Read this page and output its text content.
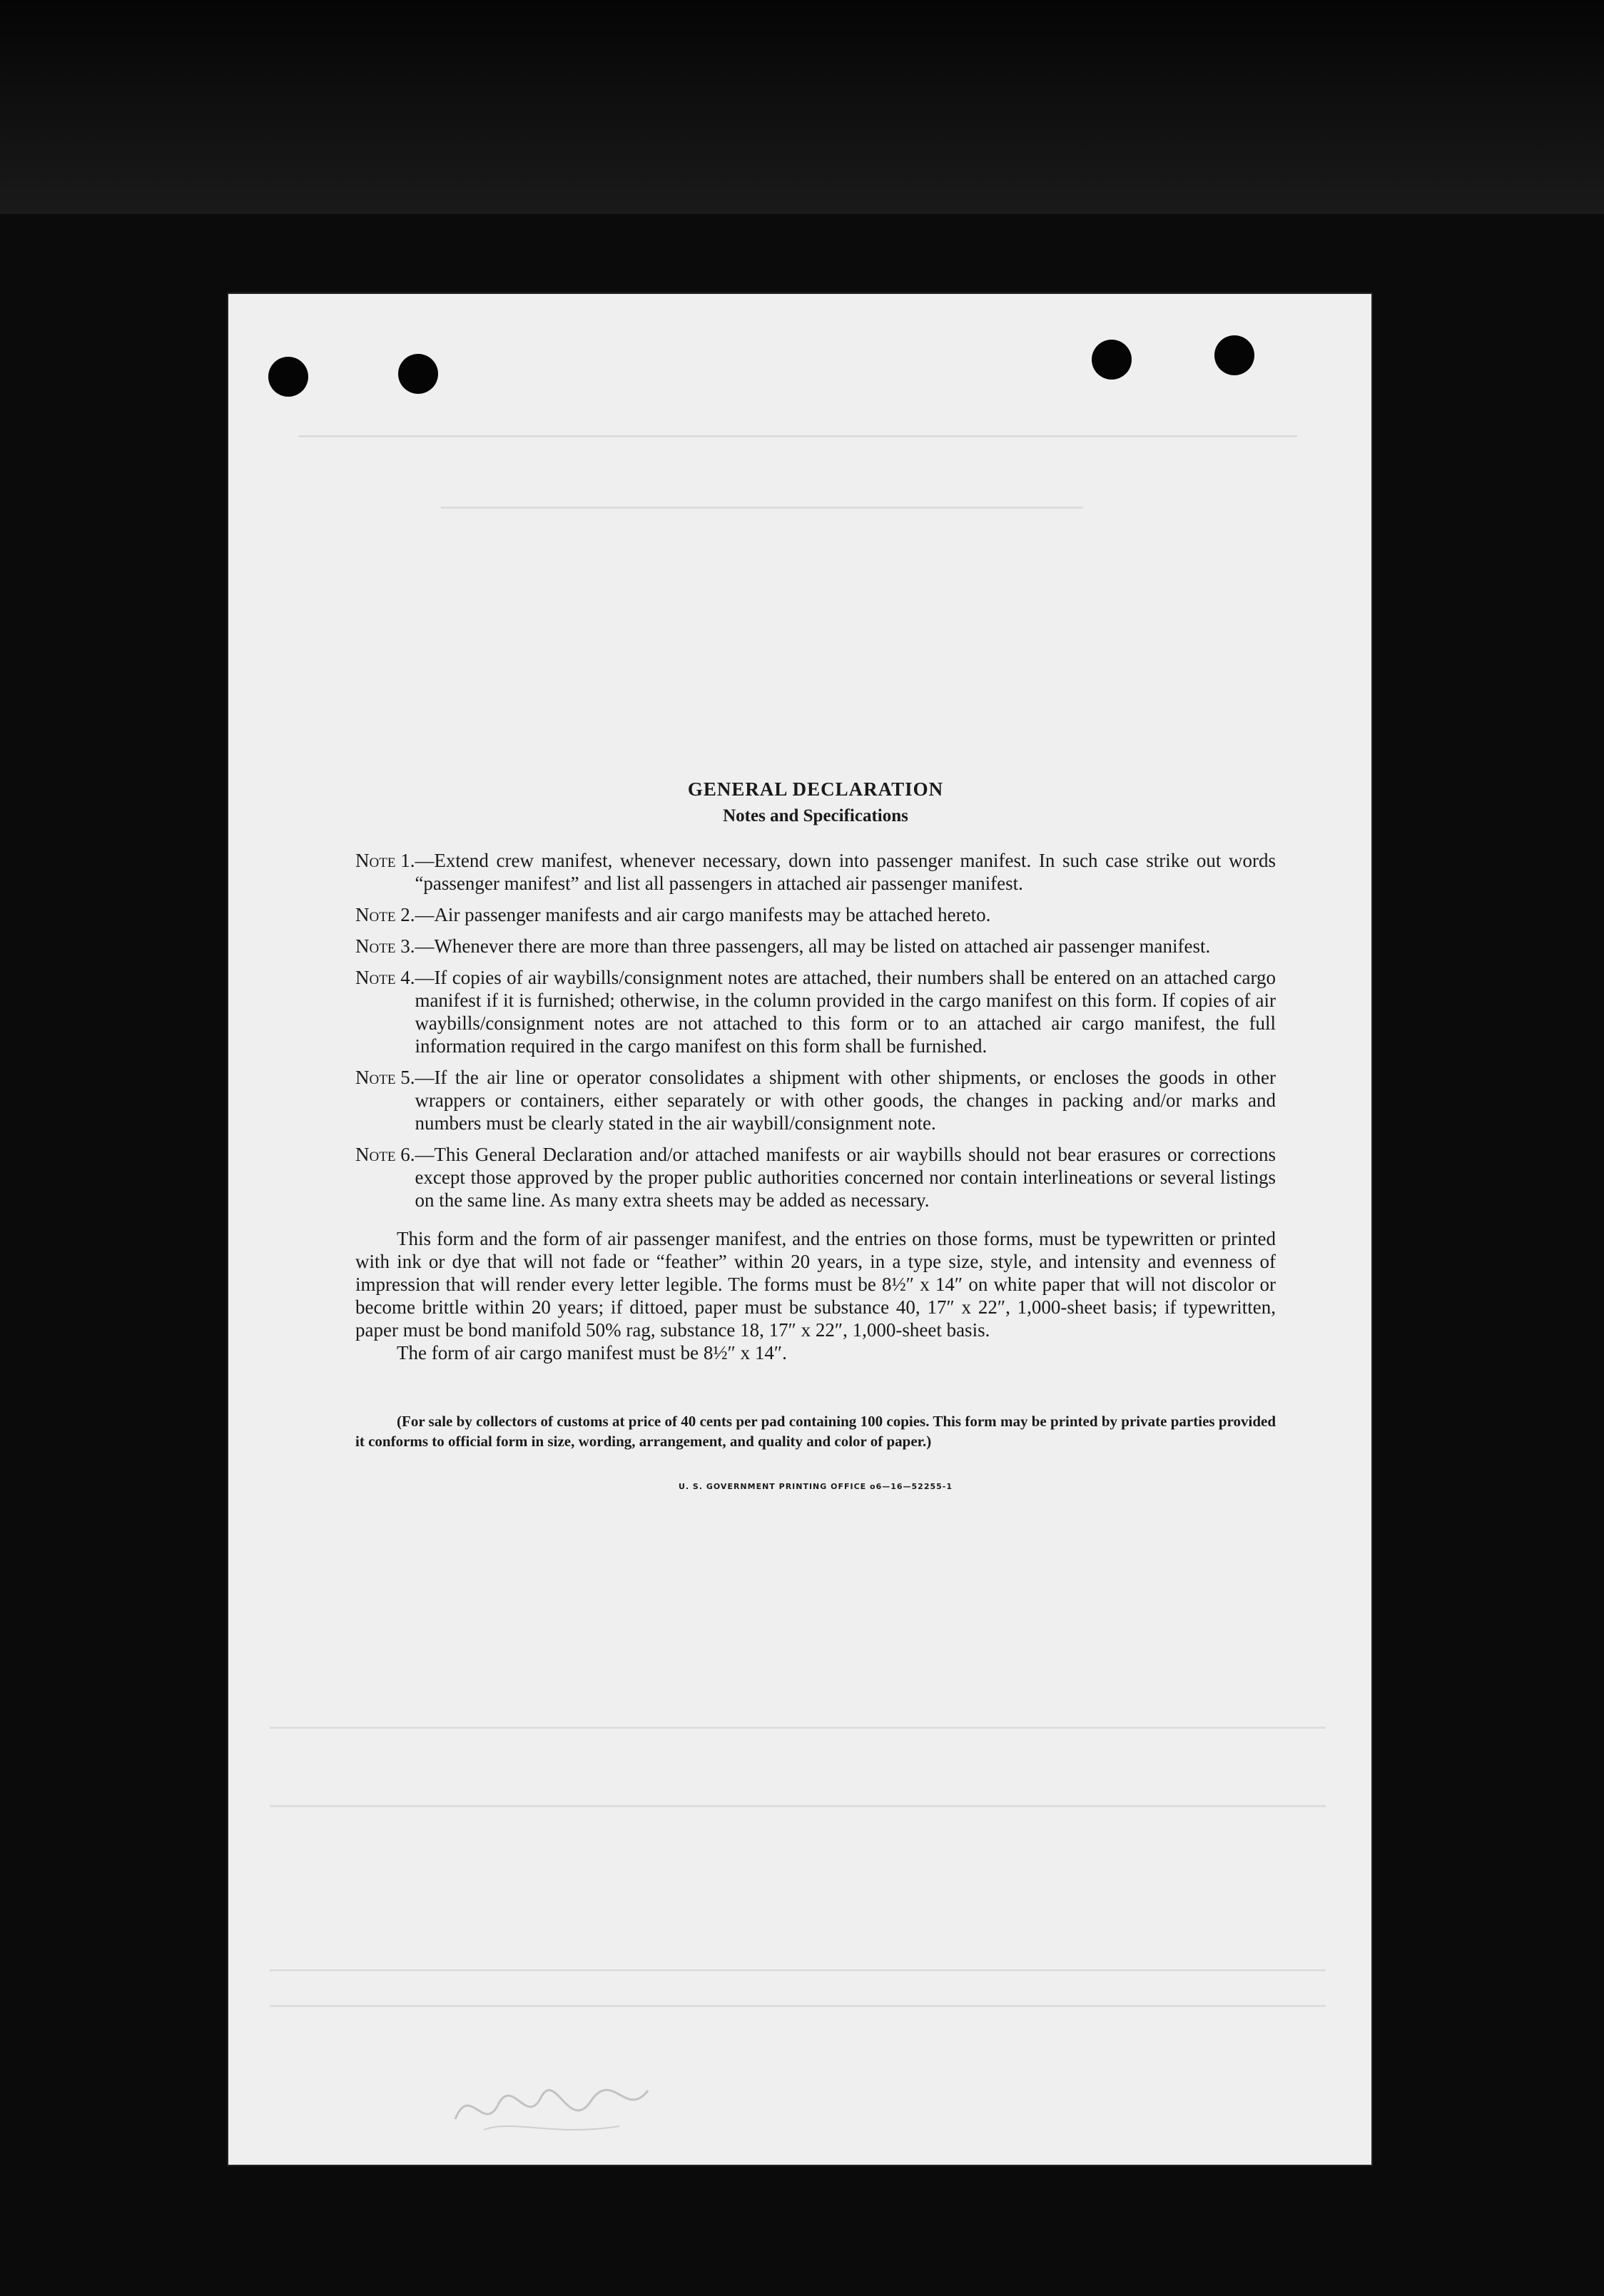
GENERAL DECLARATION

Notes and Specifications

Note 1. —Extend crew manifest, whenever necessary, down into passenger manifest. In such case strike out words “passenger manifest” and list all passengers in attached air passenger manifest.
Note 2. —Air passenger manifests and air cargo manifests may be attached hereto.
Note 3. —Whenever there are more than three passengers, all may be listed on attached air passenger manifest.
Note 4. —If copies of air waybills/consignment notes are attached, their numbers shall be entered on an attached cargo manifest if it is furnished; otherwise, in the column provided in the cargo manifest on this form. If copies of air waybills/consignment notes are not attached to this form or to an attached air cargo manifest, the full information required in the cargo manifest on this form shall be furnished.
Note 5. —If the air line or operator consolidates a shipment with other shipments, or encloses the goods in other wrappers or containers, either separately or with other goods, the changes in packing and/or marks and numbers must be clearly stated in the air waybill/consignment note.
Note 6. —This General Declaration and/or attached manifests or air waybills should not bear erasures or corrections except those approved by the proper public authorities concerned nor contain interlineations or several listings on the same line. As many extra sheets may be added as necessary.
This form and the form of air passenger manifest, and the entries on those forms, must be typewritten or printed with ink or dye that will not fade or “feather” within 20 years, in a type size, style, and intensity and evenness of impression that will render every letter legible. The forms must be 8½″ x 14″ on white paper that will not discolor or become brittle within 20 years; if dittoed, paper must be substance 40, 17″ x 22″, 1,000-sheet basis; if typewritten, paper must be bond manifold 50% rag, substance 18, 17″ x 22″, 1,000-sheet basis.
The form of air cargo manifest must be 8½″ x 14″.
(For sale by collectors of customs at price of 40 cents per pad containing 100 copies. This form may be printed by private parties provided it conforms to official form in size, wording, arrangement, and quality and color of paper.)
U. S. GOVERNMENT PRINTING OFFICE o6—16—52255-1
